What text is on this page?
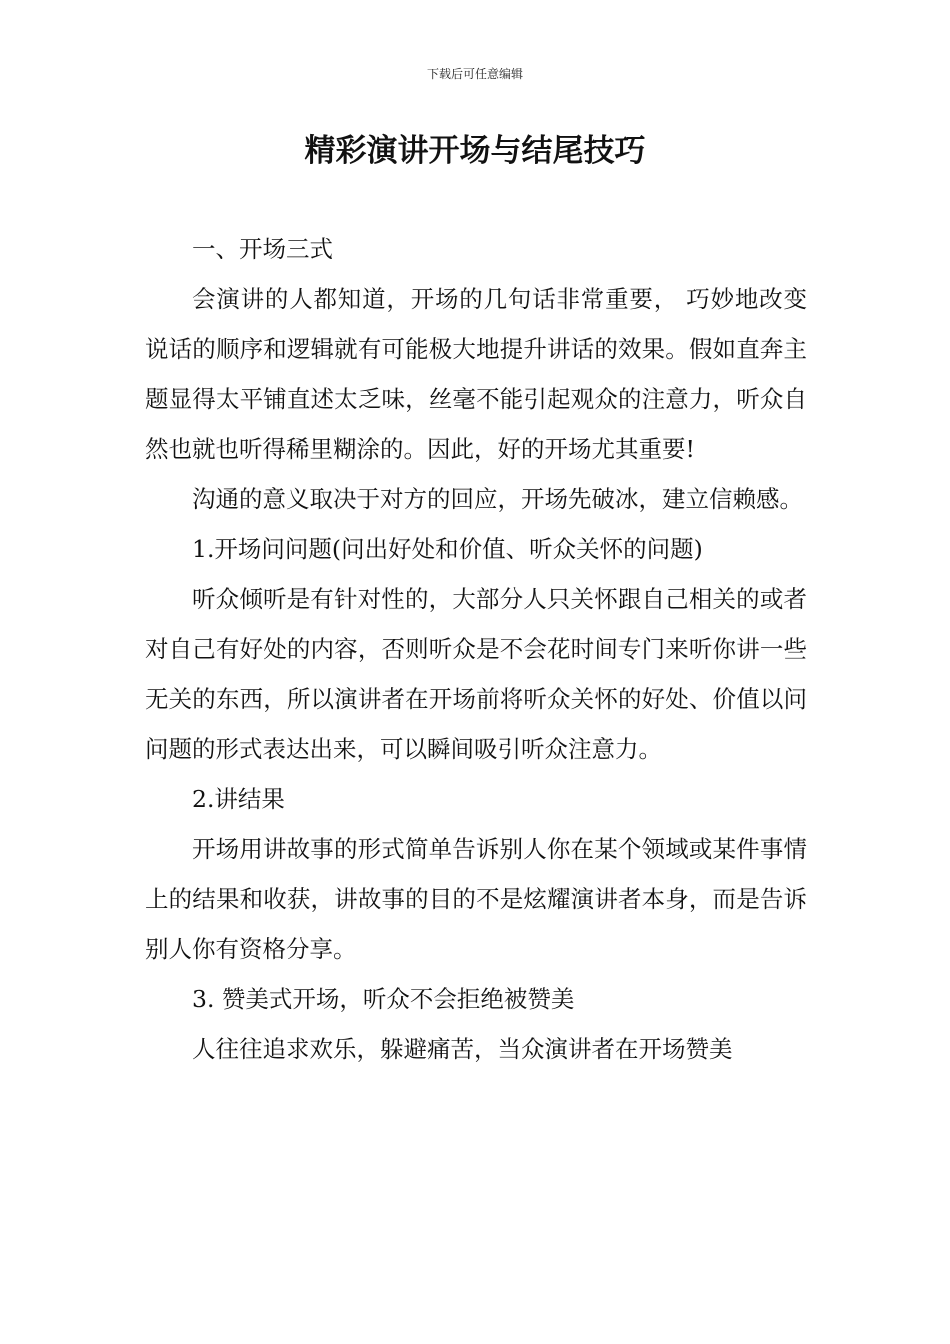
下载后可任意编辑
精彩演讲开场与结尾技巧

一、开场三式

会演讲的人都知道，开场的几句话非常重要， 巧妙地改变说话的顺序和逻辑就有可能极大地提升讲话的效果。假如直奔主题显得太平铺直述太乏味，丝毫不能引起观众的注意力，听众自然也就也听得稀里糊涂的。因此，好的开场尤其重要!

沟通的意义取决于对方的回应，开场先破冰，建立信赖感。

1.开场问问题(问出好处和价值、听众关怀的问题)

听众倾听是有针对性的，大部分人只关怀跟自己相关的或者对自己有好处的内容，否则听众是不会花时间专门来听你讲一些无关的东西，所以演讲者在开场前将听众关怀的好处、价值以问问题的形式表达出来，可以瞬间吸引听众注意力。

2.讲结果

开场用讲故事的形式简单告诉别人你在某个领域或某件事情上的结果和收获，讲故事的目的不是炫耀演讲者本身，而是告诉别人你有资格分享。

3. 赞美式开场，听众不会拒绝被赞美

人往往追求欢乐，躲避痛苦，当众演讲者在开场赞美
